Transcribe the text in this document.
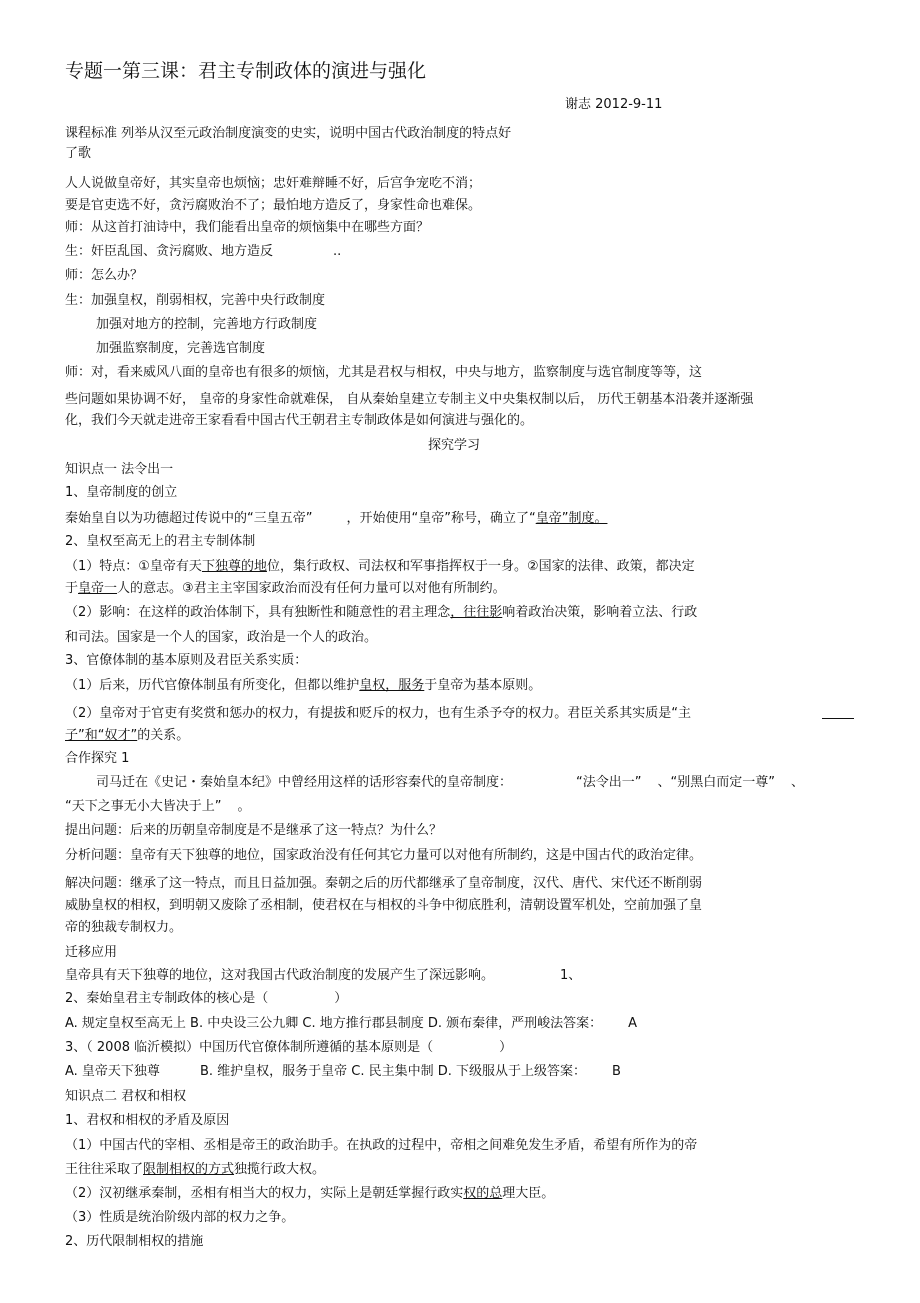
专题一第三课：君主专制政体的演进与强化
谢志 2012-9-11
课程标准 列举从汉至元政治制度演变的史实，说明中国古代政治制度的特点好
了歌
人人说做皇帝好，其实皇帝也烦恼；忠奸难辩睡不好，后宫争宠吃不消；
要是官吏选不好，贪污腐败治不了；最怕地方造反了，身家性命也难保。
师：从这首打油诗中，我们能看出皇帝的烦恼集中在哪些方面？
生：奸臣乱国、贪污腐败、地方造反	..
师：怎么办？
生：加强皇权，削弱相权，完善中央行政制度
加强对地方的控制，完善地方行政制度
加强监察制度，完善选官制度
师：对，看来威风八面的皇帝也有很多的烦恼，尤其是君权与相权，中央与地方，监察制度与选官制度等等，这
些问题如果协调不好， 皇帝的身家性命就难保， 自从秦始皇建立专制主义中央集权制以后， 历代王朝基本沿袭并逐渐强
化，我们今天就走进帝王家看看中国古代王朝君主专制政体是如何演进与强化的。
探究学习
知识点一 法令出一
1、皇帝制度的创立
秦始皇自以为功德超过传说中的“三皇五帝”	，开始使用“皇帝”称号，确立了“皇帝”制度。
2、皇权至高无上的君主专制体制
（1）特点：①皇帝有天下独尊的地位，集行政权、司法权和军事指挥权于一身。②国家的法律、政策，都决定
于皇帝一人的意志。③君主主宰国家政治而没有任何力量可以对他有所制约。
（2）影响：在这样的政治体制下，具有独断性和随意性的君主理念，往往影响着政治决策，影响着立法、行政
和司法。国家是一个人的国家，政治是一个人的政治。
3、官僚体制的基本原则及君臣关系实质：
（1）后来，历代官僚体制虽有所变化，但都以维护皇权，服务于皇帝为基本原则。
（2）皇帝对于官吏有奖赏和惩办的权力，有提拔和贬斥的权力，也有生杀予夺的权力。君臣关系其实质是“主
子”和“奴才”的关系。
合作探究 1
司马迁在《史记・秦始皇本纪》中曾经用这样的话形容秦代的皇帝制度：	“法令出一” 、“别黑白而定一尊” 、
“天下之事无小大皆决于上” 。
提出问题：后来的历朝皇帝制度是不是继承了这一特点？为什么？
分析问题：皇帝有天下独尊的地位，国家政治没有任何其它力量可以对他有所制约，这是中国古代的政治定律。
解决问题：继承了这一特点，而且日益加强。秦朝之后的历代都继承了皇帝制度，汉代、唐代、宋代还不断削弱
威胁皇权的相权，到明朝又废除了丞相制，使君权在与相权的斗争中彻底胜利，清朝设置军机处，空前加强了皇
帝的独裁专制权力。
迁移应用
皇帝具有天下独尊的地位，这对我国古代政治制度的发展产生了深远影响。	1、
2、秦始皇君主专制政体的核心是（	）
A. 规定皇权至高无上 B. 中央设三公九卿 C. 地方推行郡县制度 D. 颁布秦律，严刑峻法答案： A
3、（ 2008 临沂模拟）中国历代官僚体制所遵循的基本原则是（	）
A. 皇帝天下独尊	B. 维护皇权，服务于皇帝 C. 民主集中制 D. 下级服从于上级答案： B
知识点二 君权和相权
1、君权和相权的矛盾及原因
（1）中国古代的宰相、丞相是帝王的政治助手。在执政的过程中，帝相之间难免发生矛盾，希望有所作为的帝
王往往采取了限制相权的方式独揽行政大权。
（2）汉初继承秦制，丞相有相当大的权力，实际上是朝廷掌握行政实权的总理大臣。
（3）性质是统治阶级内部的权力之争。
2、历代限制相权的措施
